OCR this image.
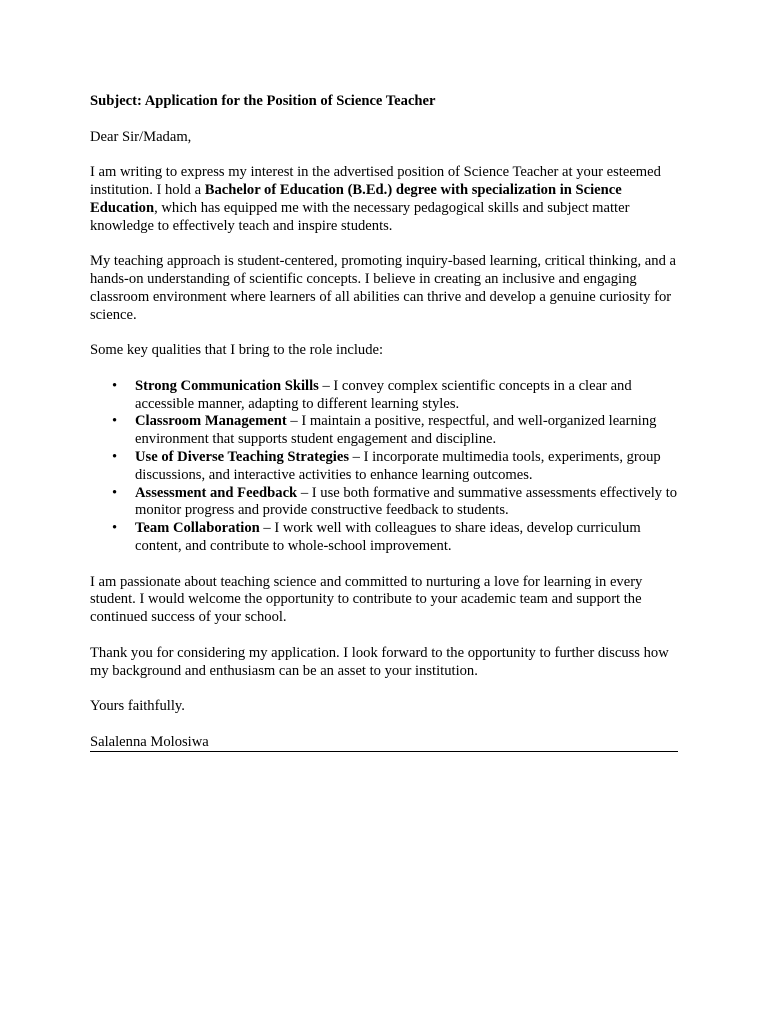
Subject: Application for the Position of Science Teacher

Dear Sir/Madam,

I am writing to express my interest in the advertised position of Science Teacher at your esteemed institution. I hold a Bachelor of Education (B.Ed.) degree with specialization in Science Education, which has equipped me with the necessary pedagogical skills and subject matter knowledge to effectively teach and inspire students.

My teaching approach is student-centered, promoting inquiry-based learning, critical thinking, and a hands-on understanding of scientific concepts. I believe in creating an inclusive and engaging classroom environment where learners of all abilities can thrive and develop a genuine curiosity for science.

Some key qualities that I bring to the role include:

• Strong Communication Skills – I convey complex scientific concepts in a clear and accessible manner, adapting to different learning styles.
• Classroom Management – I maintain a positive, respectful, and well-organized learning environment that supports student engagement and discipline.
• Use of Diverse Teaching Strategies – I incorporate multimedia tools, experiments, group discussions, and interactive activities to enhance learning outcomes.
• Assessment and Feedback – I use both formative and summative assessments effectively to monitor progress and provide constructive feedback to students.
• Team Collaboration – I work well with colleagues to share ideas, develop curriculum content, and contribute to whole-school improvement.

I am passionate about teaching science and committed to nurturing a love for learning in every student. I would welcome the opportunity to contribute to your academic team and support the continued success of your school.

Thank you for considering my application. I look forward to the opportunity to further discuss how my background and enthusiasm can be an asset to your institution.

Yours faithfully.

Salalenna Molosiwa
